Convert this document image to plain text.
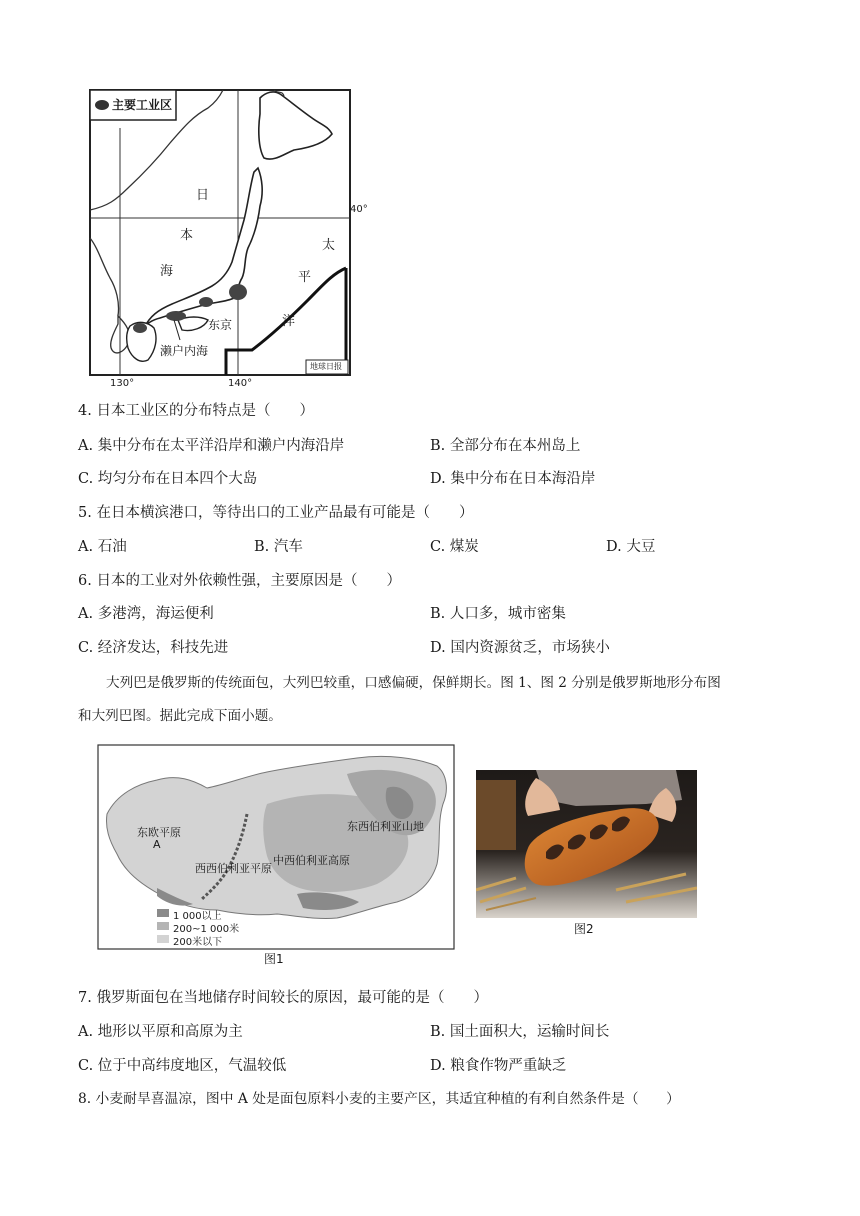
主要工业区
日
本
海
太
平
洋
40°
130°	140°
濑户内海
东京
地球日报
4. 日本工业区的分布特点是（　　）
A. 集中分布在太平洋沿岸和濑户内海沿岸	B. 全部分布在本州岛上
C. 均匀分布在日本四个大岛	D. 集中分布在日本海沿岸
5. 在日本横滨港口，等待出口的工业产品最有可能是（　　）
A. 石油	B. 汽车	C. 煤炭	D. 大豆
6. 日本的工业对外依赖性强，主要原因是（　　）
A. 多港湾，海运便利	B. 人口多，城市密集
C. 经济发达，科技先进	D. 国内资源贫乏，市场狭小
大列巴是俄罗斯的传统面包，大列巴较重，口感偏硬，保鲜期长。图 1、图 2 分别是俄罗斯地形分布图
和大列巴图。据此完成下面小题。
东欧平原
A
西西伯利亚平原
中西伯利亚高原
东西伯利亚山地
1 000以上
200~1 000米
200米以下
图1
图2
7. 俄罗斯面包在当地储存时间较长的原因，最可能的是（　　）
A. 地形以平原和高原为主	B. 国土面积大，运输时间长
C. 位于中高纬度地区，气温较低	D. 粮食作物严重缺乏
8. 小麦耐旱喜温凉，图中 A 处是面包原料小麦的主要产区，其适宜种植的有利自然条件是（　　）
